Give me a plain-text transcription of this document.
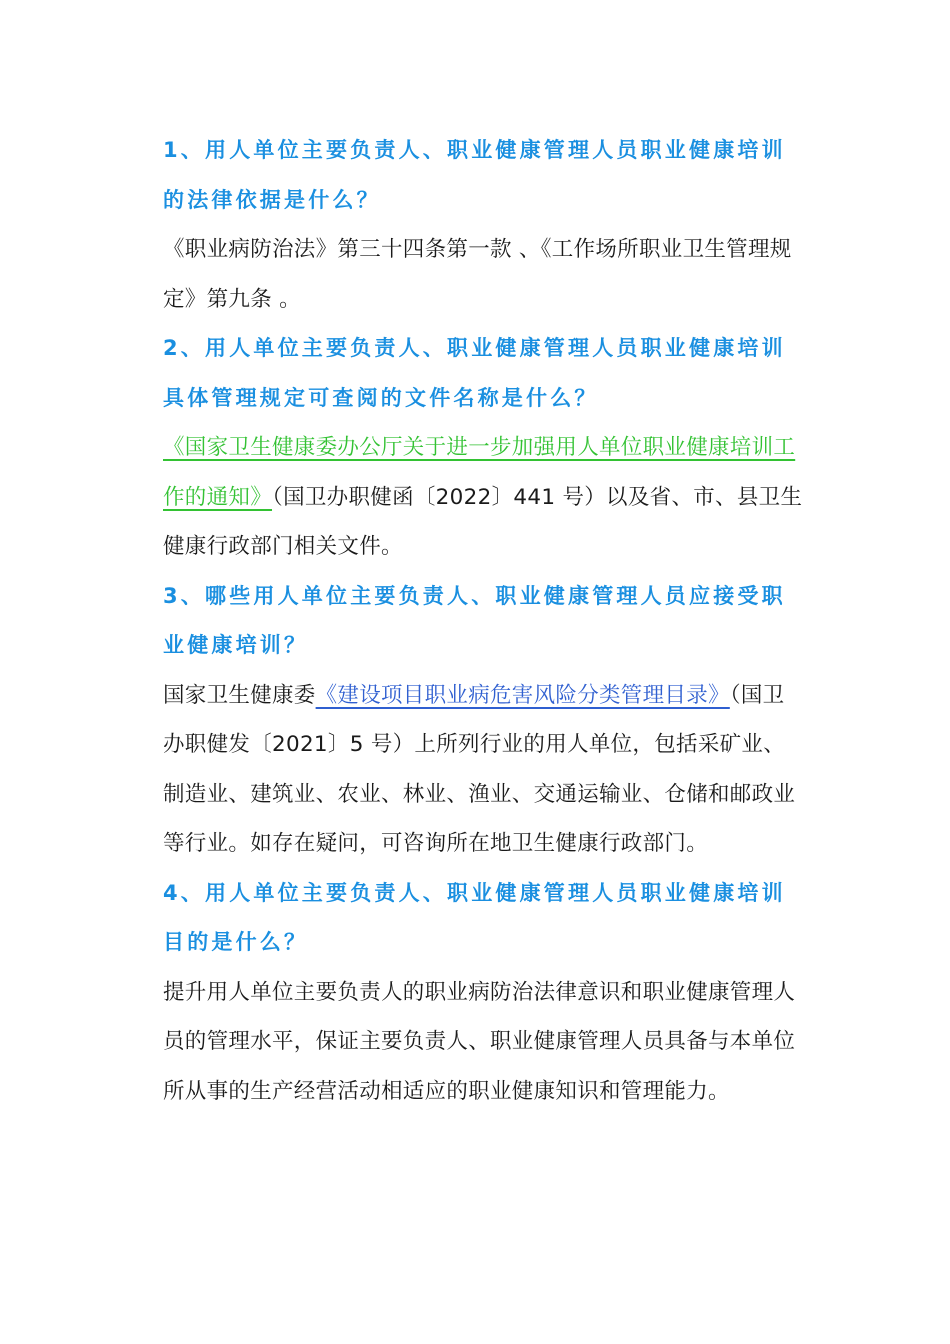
1、用人单位主要负责人、职业健康管理人员职业健康培训的法律依据是什么？

《职业病防治法》第三十四条第一款 、《工作场所职业卫生管理规定》第九条 。

2、用人单位主要负责人、职业健康管理人员职业健康培训具体管理规定可查阅的文件名称是什么？

《国家卫生健康委办公厅关于进一步加强用人单位职业健康培训工作的通知》（国卫办职健函〔2022〕441 号）以及省、市、县卫生健康行政部门相关文件。

3、哪些用人单位主要负责人、职业健康管理人员应接受职业健康培训？

国家卫生健康委《建设项目职业病危害风险分类管理目录》（国卫办职健发〔2021〕5 号）上所列行业的用人单位，包括采矿业、制造业、建筑业、农业、林业、渔业、交通运输业、仓储和邮政业等行业。如存在疑问，可咨询所在地卫生健康行政部门。

4、用人单位主要负责人、职业健康管理人员职业健康培训目的是什么？

提升用人单位主要负责人的职业病防治法律意识和职业健康管理人员的管理水平，保证主要负责人、职业健康管理人员具备与本单位所从事的生产经营活动相适应的职业健康知识和管理能力。
